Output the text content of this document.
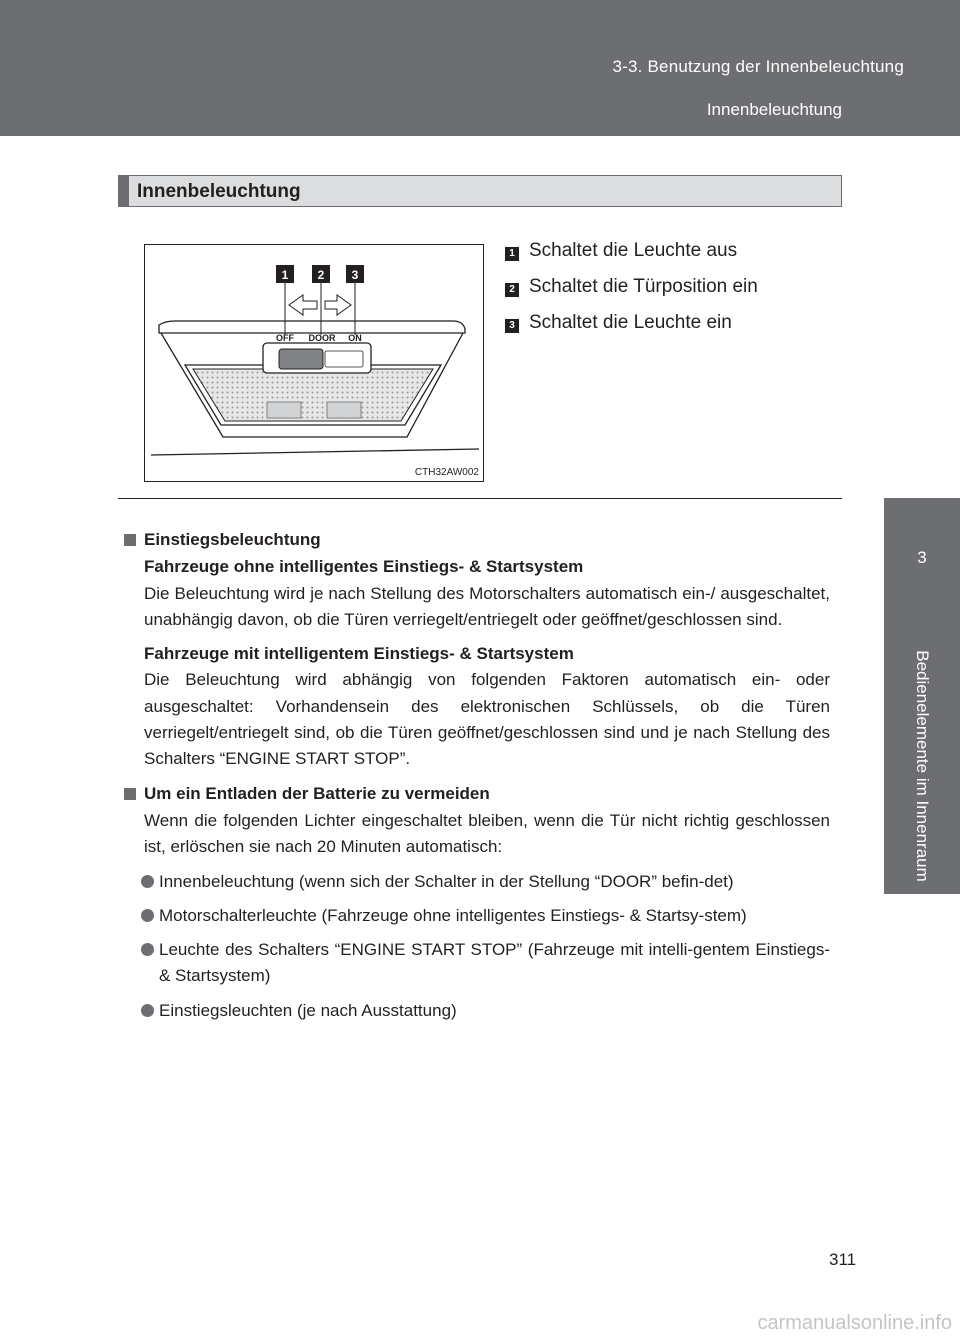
3-3. Benutzung der Innenbeleuchtung
Innenbeleuchtung
3
Bedienelemente im Innenraum
Innenbeleuchtung
1 2 3
OFF DOOR ON
CTH32AW002
1 Schaltet die Leuchte aus
2 Schaltet die Türposition ein
3 Schaltet die Leuchte ein

Einstiegsbeleuchtung

Fahrzeuge ohne intelligentes Einstiegs- & Startsystem

Die Beleuchtung wird je nach Stellung des Motorschalters automatisch ein-/ ausgeschaltet, unabhängig davon, ob die Türen verriegelt/entriegelt oder geöffnet/geschlossen sind.

Fahrzeuge mit intelligentem Einstiegs- & Startsystem

Die Beleuchtung wird abhängig von folgenden Faktoren automatisch ein- oder ausgeschaltet: Vorhandensein des elektronischen Schlüssels, ob die Türen verriegelt/entriegelt sind, ob die Türen geöffnet/geschlossen sind und je nach Stellung des Schalters “ENGINE START STOP”.

Um ein Entladen der Batterie zu vermeiden

Wenn die folgenden Lichter eingeschaltet bleiben, wenn die Tür nicht richtig geschlossen ist, erlöschen sie nach 20 Minuten automatisch:

Innenbeleuchtung (wenn sich der Schalter in der Stellung “DOOR” befin-det)

Motorschalterleuchte (Fahrzeuge ohne intelligentes Einstiegs- & Startsy-stem)

Leuchte des Schalters “ENGINE START STOP” (Fahrzeuge mit intelli-gentem Einstiegs- & Startsystem)

Einstiegsleuchten (je nach Ausstattung)

311
carmanualsonline.info
